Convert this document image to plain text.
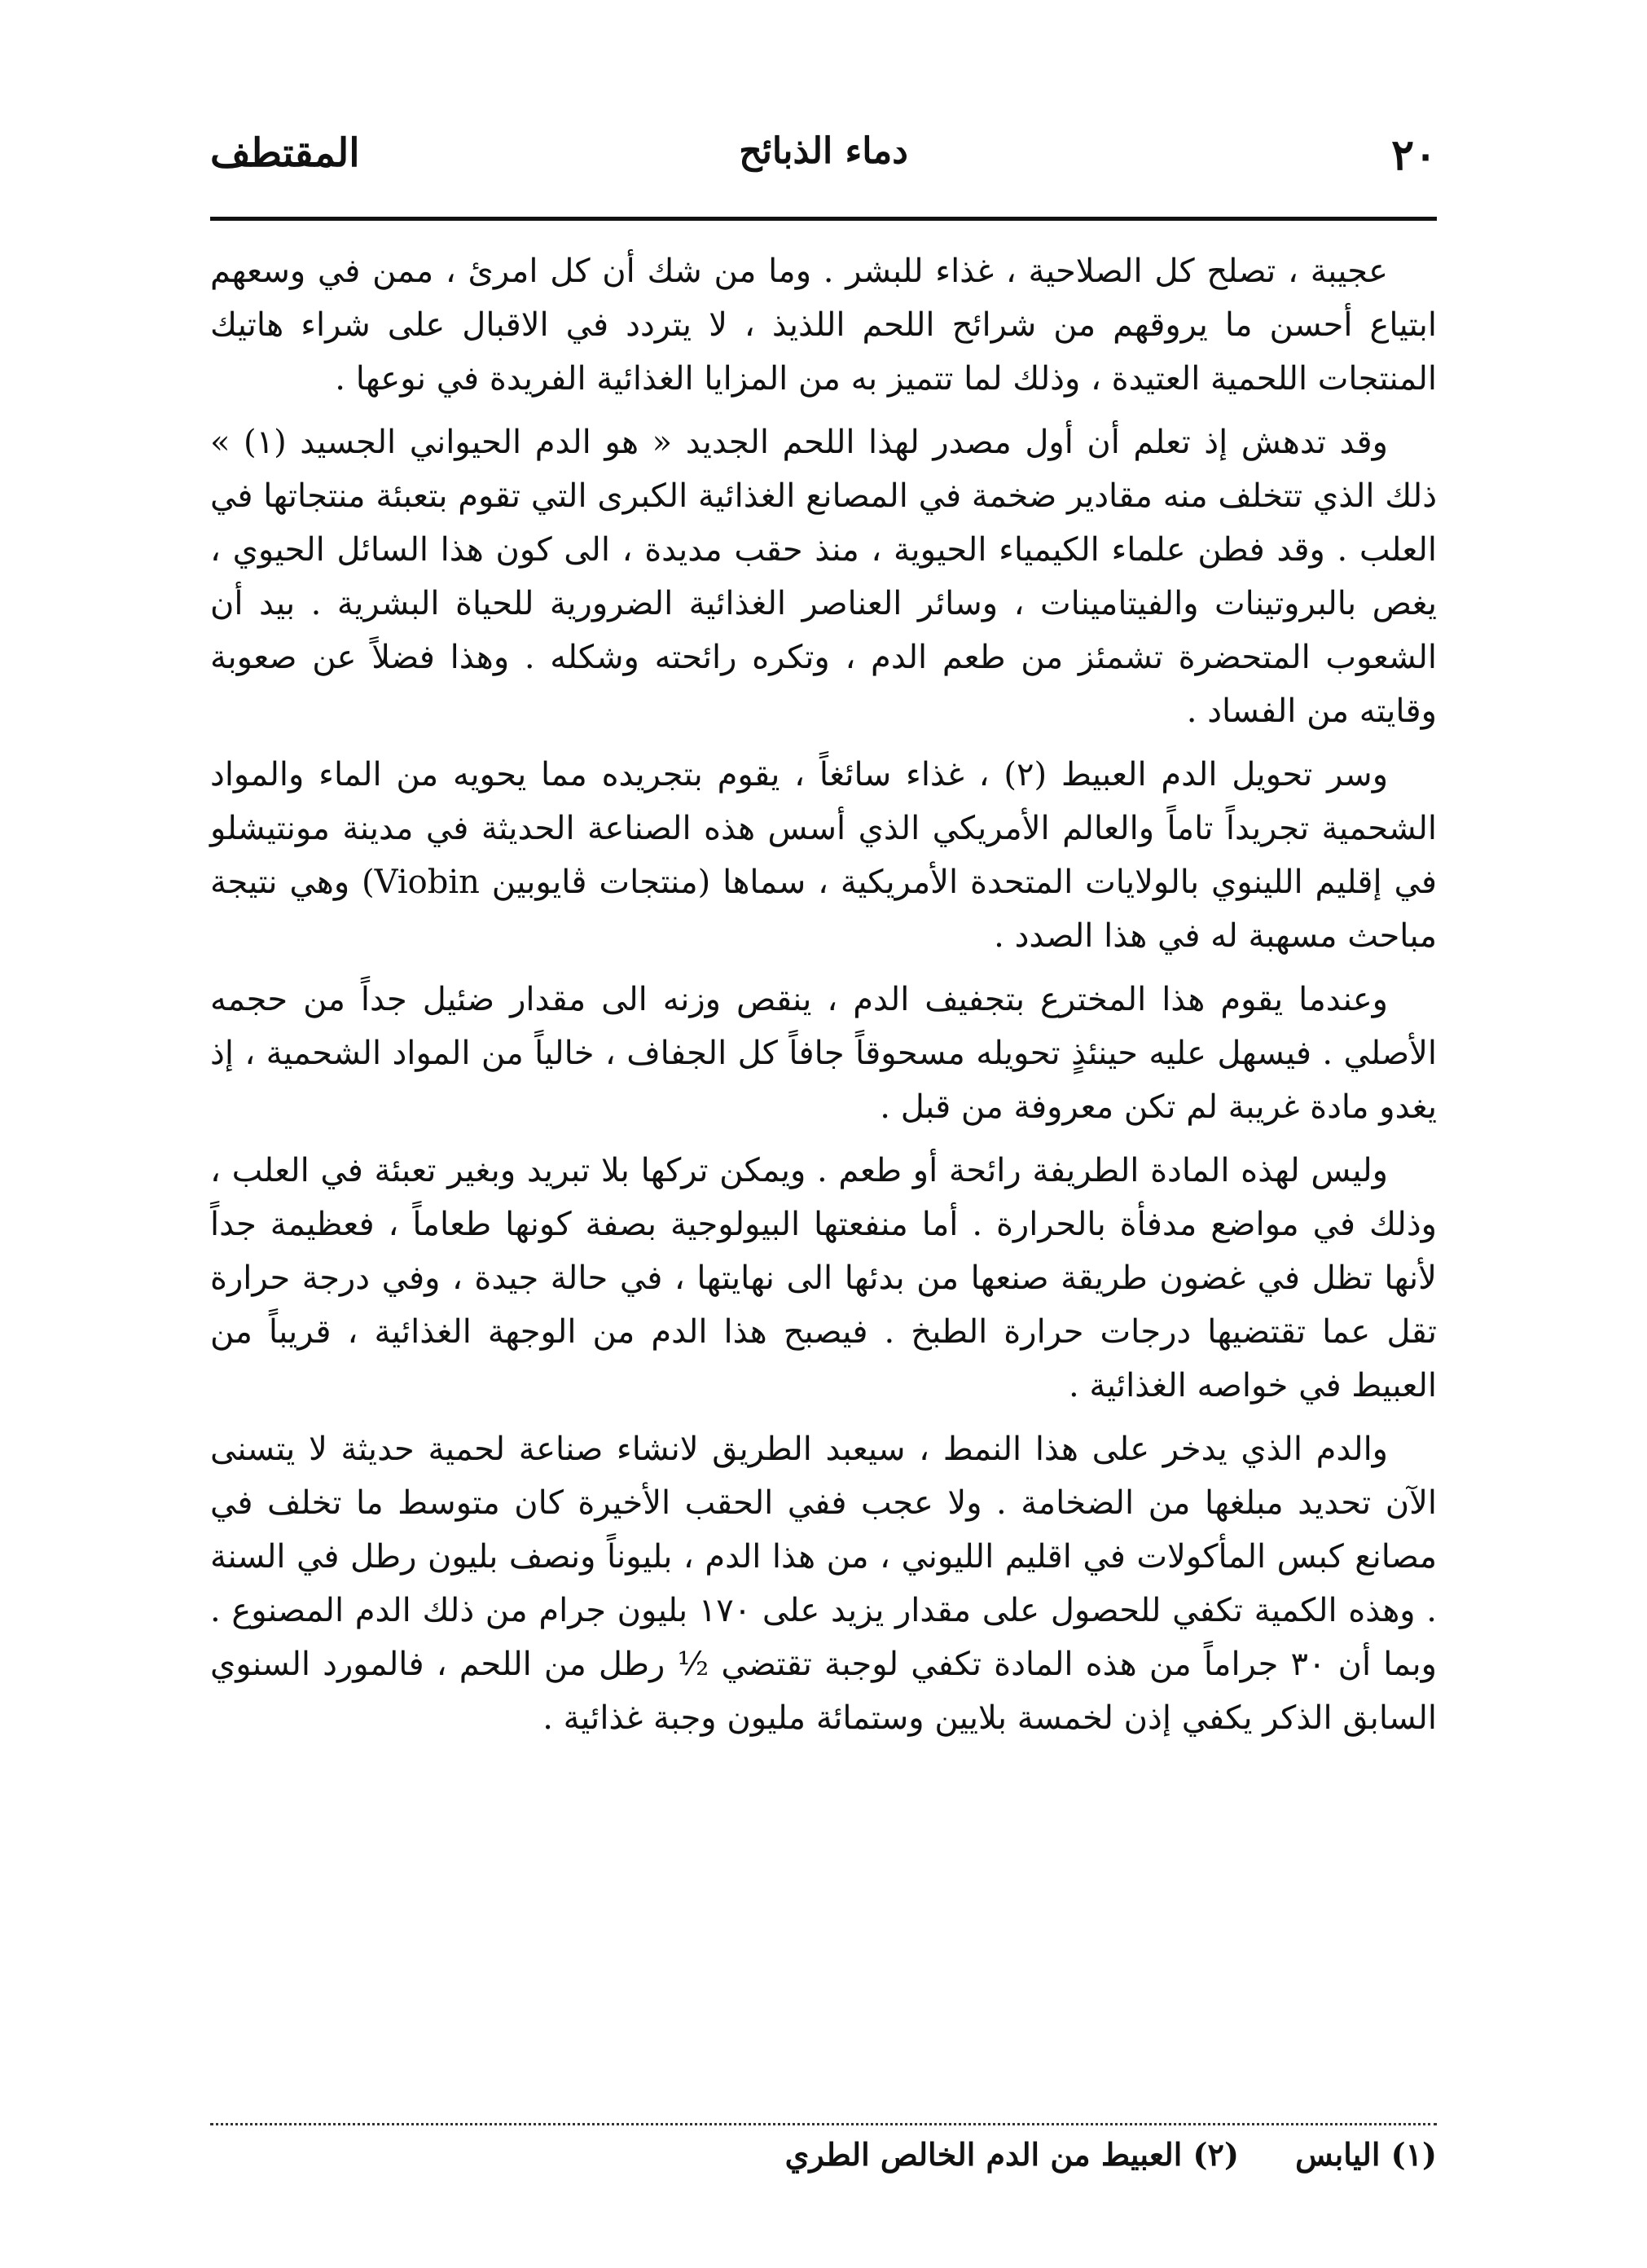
٢٠
دماء الذبائح
المقتطف

عجيبة ، تصلح كل الصلاحية ، غذاء للبشر . وما من شك أن كل امرئ ، ممن في وسعهم ابتياع أحسن ما يروقهم من شرائح اللحم اللذيذ ، لا يتردد في الاقبال على شراء هاتيك المنتجات اللحمية العتيدة ، وذلك لما تتميز به من المزايا الغذائية الفريدة في نوعها .

وقد تدهش إذ تعلم أن أول مصدر لهذا اللحم الجديد « هو الدم الحيواني الجسيد (١) » ذلك الذي تتخلف منه مقادير ضخمة في المصانع الغذائية الكبرى التي تقوم بتعبئة منتجاتها في العلب . وقد فطن علماء الكيمياء الحيوية ، منذ حقب مديدة ، الى كون هذا السائل الحيوي ، يغص بالبروتينات والفيتامينات ، وسائر العناصر الغذائية الضرورية للحياة البشرية . بيد أن الشعوب المتحضرة تشمئز من طعم الدم ، وتكره رائحته وشكله . وهذا فضلاً عن صعوبة وقايته من الفساد .

وسر تحويل الدم العبيط (٢) ، غذاء سائغاً ، يقوم بتجريده مما يحويه من الماء والمواد الشحمية تجريداً تاماً والعالم الأمريكي الذي أسس هذه الصناعة الحديثة في مدينة مونتيشلو في إقليم اللينوي بالولايات المتحدة الأمريكية ، سماها (منتجات ڤايوبين Viobin) وهي نتيجة مباحث مسهبة له في هذا الصدد .

وعندما يقوم هذا المخترع بتجفيف الدم ، ينقص وزنه الى مقدار ضئيل جداً من حجمه الأصلي . فيسهل عليه حينئذٍ تحويله مسحوقاً جافاً كل الجفاف ، خالياً من المواد الشحمية ، إذ يغدو مادة غريبة لم تكن معروفة من قبل .

وليس لهذه المادة الطريفة رائحة أو طعم . ويمكن تركها بلا تبريد وبغير تعبئة في العلب ، وذلك في مواضع مدفأة بالحرارة . أما منفعتها البيولوجية بصفة كونها طعاماً ، فعظيمة جداً لأنها تظل في غضون طريقة صنعها من بدئها الى نهايتها ، في حالة جيدة ، وفي درجة حرارة تقل عما تقتضيها درجات حرارة الطبخ . فيصبح هذا الدم من الوجهة الغذائية ، قريباً من العبيط في خواصه الغذائية .

والدم الذي يدخر على هذا النمط ، سيعبد الطريق لانشاء صناعة لحمية حديثة لا يتسنى الآن تحديد مبلغها من الضخامة . ولا عجب ففي الحقب الأخيرة كان متوسط ما تخلف في مصانع كبس المأكولات في اقليم الليوني ، من هذا الدم ، بليوناً ونصف بليون رطل في السنة . وهذه الكمية تكفي للحصول على مقدار يزيد على ١٧٠ بليون جرام من ذلك الدم المصنوع . وبما أن ٣٠ جراماً من هذه المادة تكفي لوجبة تقتضي ½ رطل من اللحم ، فالمورد السنوي السابق الذكر يكفي إذن لخمسة بلايين وستمائة مليون وجبة غذائية .

(١) اليابس (٢) العبيط من الدم الخالص الطري
